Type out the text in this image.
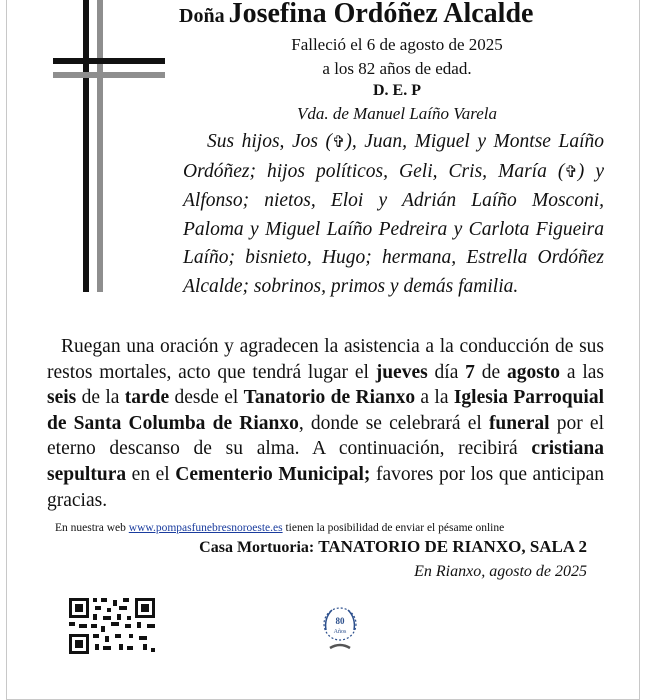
Doña Josefina Ordóñez Alcalde
Falleció el 6 de agosto de 2025
a los 82 años de edad.
D. E. P
Vda. de Manuel Laíño Varela
Sus hijos, Jos (✞), Juan, Miguel y Montse Laíño Ordóñez; hijos políticos, Geli, Cris, María (✞) y Alfonso; nietos, Eloi y Adrián Laíño Mosconi, Paloma y Miguel Laíño Pedreira y Carlota Figueira Laíño; bisnieto, Hugo; hermana, Estrella Ordóñez Alcalde; sobrinos, primos y demás familia.
Ruegan una oración y agradecen la asistencia a la conducción de sus restos mortales, acto que tendrá lugar el jueves día 7 de agosto a las seis de la tarde desde el Tanatorio de Rianxo a la Iglesia Parroquial de Santa Columba de Rianxo, donde se celebrará el funeral por el eterno descanso de su alma. A continuación, recibirá cristiana sepultura en el Cementerio Municipal; favores por los que anticipan gracias.
En nuestra web www.pompasfunebresnoroeste.es tienen la posibilidad de enviar el pésame online
Casa Mortuoria: TANATORIO DE RIANXO, SALA 2
En Rianxo, agosto de 2025
80
Años
